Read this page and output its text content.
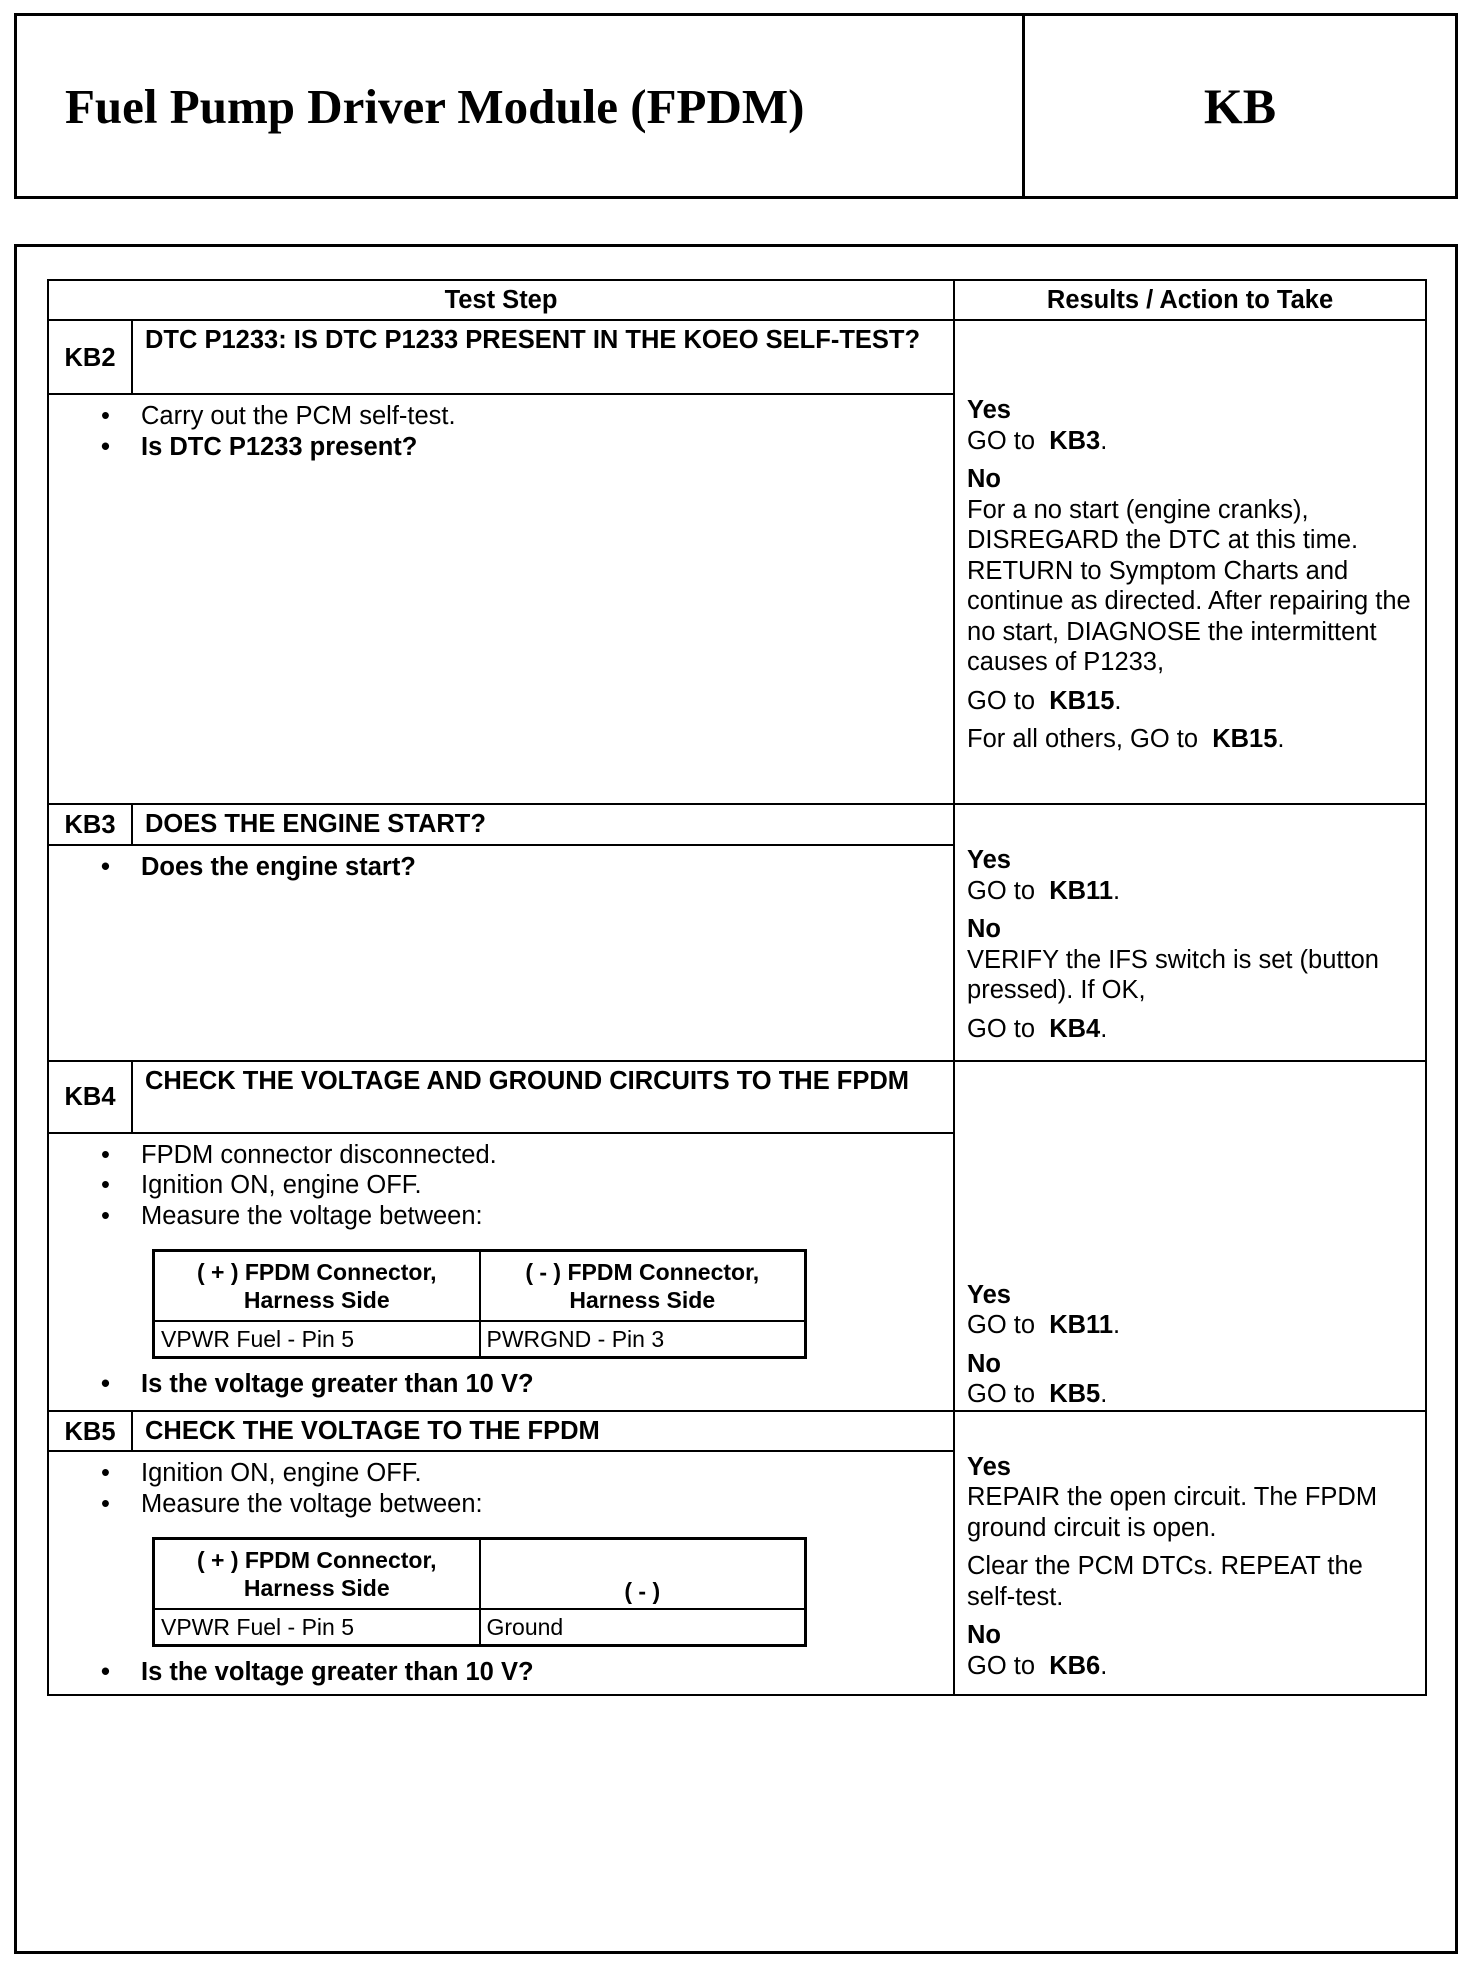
Fuel Pump Driver Module (FPDM)	KB
Test Step	Results / Action to Take
KB2	DTC P1233: IS DTC P1233 PRESENT IN THE KOEO SELF-TEST?	
Yes
GO to KB3.
No
For a no start (engine cranks), DISREGARD the DTC at this time. RETURN to Symptom Charts and continue as directed. After repairing the no start, DIAGNOSE the intermittent causes of P1233,
GO to KB15.
For all others, GO to KB15.

• Carry out the PCM self-test.
• Is DTC P1233 present?

KB3	DOES THE ENGINE START?	
Yes
GO to KB11.
No
VERIFY the IFS switch is set (button pressed). If OK,
GO to KB4.

• Does the engine start?

KB4	CHECK THE VOLTAGE AND GROUND CIRCUITS TO THE FPDM	
Yes
GO to KB11.
No
GO to KB5.

• FPDM connector disconnected.
• Ignition ON, engine OFF.
• Measure the voltage between:
( + ) FPDM Connector, Harness Side	( - ) FPDM Connector, Harness Side
VPWR Fuel - Pin 5	PWRGND - Pin 3
• Is the voltage greater than 10 V?

KB5	CHECK THE VOLTAGE TO THE FPDM	
Yes
REPAIR the open circuit. The FPDM ground circuit is open.
Clear the PCM DTCs. REPEAT the self-test.
No
GO to KB6.

• Ignition ON, engine OFF.
• Measure the voltage between:
( + ) FPDM Connector, Harness Side	( - )
VPWR Fuel - Pin 5	Ground
• Is the voltage greater than 10 V?
